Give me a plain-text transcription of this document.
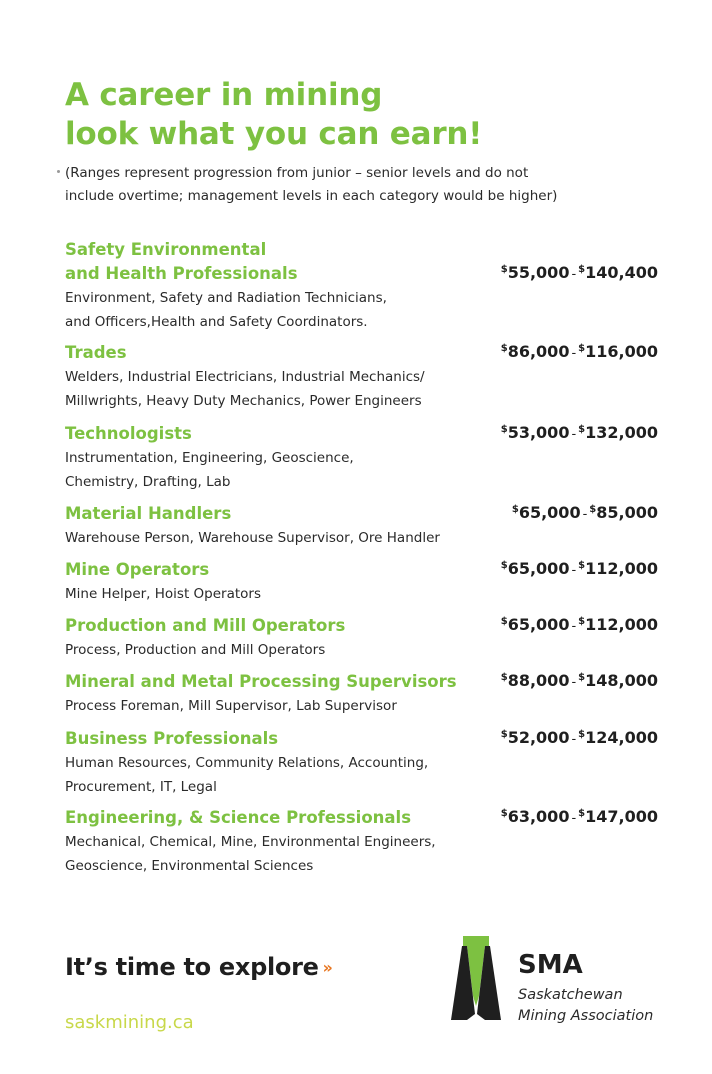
A career in mining
look what you can earn!
(Ranges represent progression from junior – senior levels and do not
include overtime; management levels in each category would be higher)
Safety Environmental
and Health Professionals
Environment, Safety and Radiation Technicians,
and Officers,Health and Safety Coordinators.
$55,000 - $140,400
Trades
Welders, Industrial Electricians, Industrial Mechanics/
Millwrights, Heavy Duty Mechanics, Power Engineers
$86,000 - $116,000
Technologists
Instrumentation, Engineering, Geoscience,
Chemistry, Drafting, Lab
$53,000 - $132,000
Material Handlers
Warehouse Person, Warehouse Supervisor, Ore Handler
$65,000 - $85,000
Mine Operators
Mine Helper, Hoist Operators
$65,000 - $112,000
Production and Mill Operators
Process, Production and Mill Operators
$65,000 - $112,000
Mineral and Metal Processing Supervisors
Process Foreman, Mill Supervisor, Lab Supervisor
$88,000 - $148,000
Business Professionals
Human Resources, Community Relations, Accounting,
Procurement, IT, Legal
$52,000 - $124,000
Engineering, & Science Professionals
Mechanical, Chemical, Mine, Environmental Engineers,
Geoscience, Environmental Sciences
$63,000 - $147,000
It’s time to explore ››
saskmining.ca
SMA
Saskatchewan
Mining Association
